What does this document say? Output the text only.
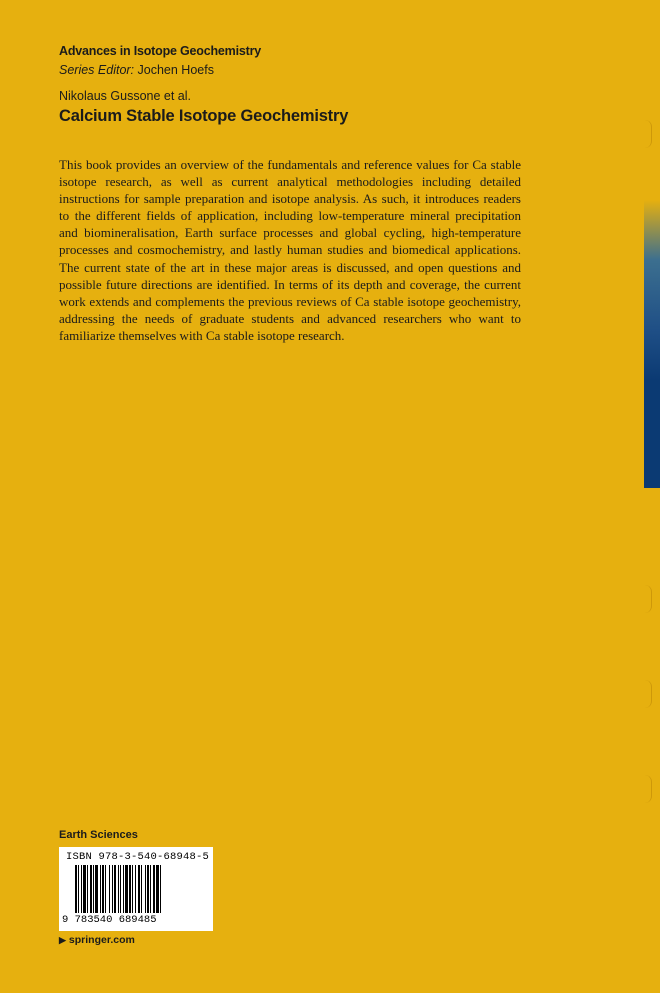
Advances in Isotope Geochemistry
Series Editor: Jochen Hoefs
Nikolaus Gussone et al.
Calcium Stable Isotope Geochemistry

This book provides an overview of the fundamentals and reference values for Ca stable isotope research, as well as current analytical methodologies including detailed instructions for sample preparation and isotope analysis. As such, it introduces readers to the different fields of application, including low-temperature mineral precipitation and biomineralisation, Earth surface processes and global cycling, high-temperature processes and cosmochemistry, and lastly human studies and biomedical applications. The current state of the art in these major areas is discussed, and open questions and possible future directions are identified. In terms of its depth and coverage, the current work extends and complements the previous reviews of Ca stable isotope geochemistry, addressing the needs of graduate students and advanced researchers who want to familiarize themselves with Ca stable isotope research.

Earth Sciences
ISBN 978-3-540-68948-5
9 783540 689485
▶ springer.com
